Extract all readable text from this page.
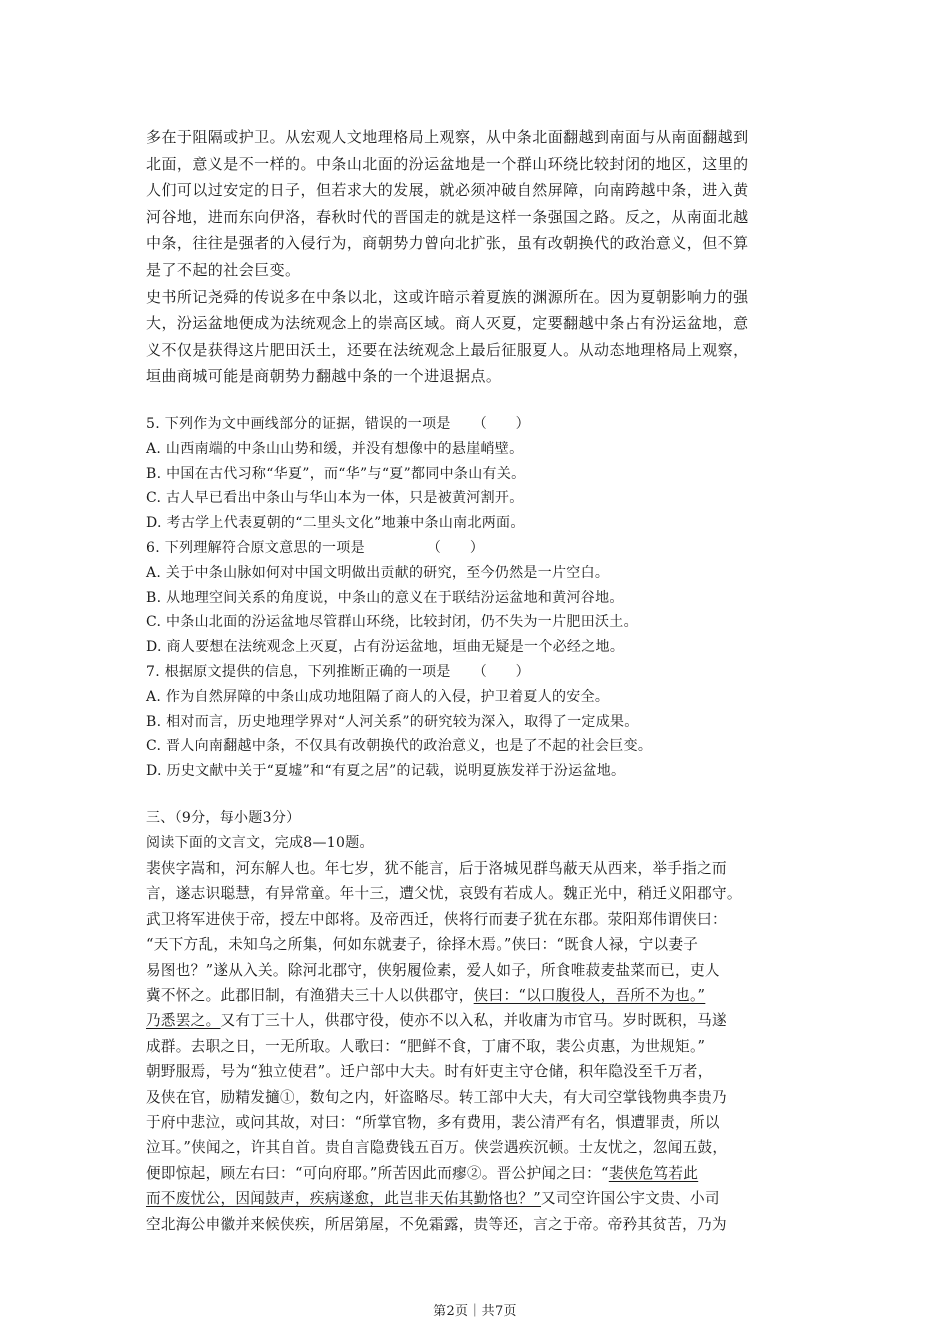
多在于阻隔或护卫。从宏观人文地理格局上观察，从中条北面翻越到南面与从南面翻越到

北面，意义是不一样的。中条山北面的汾运盆地是一个群山环绕比较封闭的地区，这里的

人们可以过安定的日子，但若求大的发展，就必须冲破自然屏障，向南跨越中条，进入黄

河谷地，进而东向伊洛，春秋时代的晋国走的就是这样一条强国之路。反之，从南面北越

中条，往往是强者的入侵行为，商朝势力曾向北扩张，虽有改朝换代的政治意义，但不算

是了不起的社会巨变。

史书所记尧舜的传说多在中条以北，这或许暗示着夏族的渊源所在。因为夏朝影响力的强

大，汾运盆地便成为法统观念上的崇高区域。商人灭夏，定要翻越中条占有汾运盆地，意

义不仅是获得这片肥田沃土，还要在法统观念上最后征服夏人。从动态地理格局上观察，

垣曲商城可能是商朝势力翻越中条的一个进退据点。

5. 下列作为文中画线部分的证据，错误的一项是 （　　）

A. 山西南端的中条山山势和缓，并没有想像中的悬崖峭壁。

B. 中国在古代习称“华夏”，而“华”与“夏”都同中条山有关。

C. 古人早已看出中条山与华山本为一体，只是被黄河割开。

D. 考古学上代表夏朝的“二里头文化”地兼中条山南北两面。

6. 下列理解符合原文意思的一项是	（　　）

A. 关于中条山脉如何对中国文明做出贡献的研究，至今仍然是一片空白。

B. 从地理空间关系的角度说，中条山的意义在于联结汾运盆地和黄河谷地。

C. 中条山北面的汾运盆地尽管群山环绕，比较封闭，仍不失为一片肥田沃土。

D. 商人要想在法统观念上灭夏，占有汾运盆地，垣曲无疑是一个必经之地。

7. 根据原文提供的信息，下列推断正确的一项是 （　　）

A. 作为自然屏障的中条山成功地阻隔了商人的入侵，护卫着夏人的安全。

B. 相对而言，历史地理学界对“人河关系”的研究较为深入，取得了一定成果。

C. 晋人向南翻越中条，不仅具有改朝换代的政治意义，也是了不起的社会巨变。

D. 历史文献中关于“夏墟”和“有夏之居”的记载，说明夏族发祥于汾运盆地。

三、（9分，每小题3分）

阅读下面的文言文，完成8—10题。

裴侠字嵩和，河东解人也。年七岁，犹不能言，后于洛城见群鸟蔽天从西来，举手指之而

言，遂志识聪慧，有异常童。年十三，遭父忧，哀毁有若成人。魏正光中，稍迁义阳郡守。

武卫将军进侠于帝，授左中郎将。及帝西迁，侠将行而妻子犹在东郡。荥阳郑伟谓侠曰：

“天下方乱，未知乌之所集，何如东就妻子，徐择木焉。”侠曰：“既食人禄，宁以妻子

易图也？”遂从入关。除河北郡守，侠躬履俭素，爱人如子，所食唯菽麦盐菜而已，吏人

冀不怀之。此郡旧制，有渔猎夫三十人以供郡守，侠曰：“以口腹役人，吾所不为也。”

乃悉罢之。又有丁三十人，供郡守役，使亦不以入私，并收庸为市官马。岁时既积，马遂

成群。去职之日，一无所取。人歌曰：“肥鲜不食，丁庸不取，裴公贞惠，为世规矩。”

朝野服焉，号为“独立使君”。迁户部中大夫。时有奸吏主守仓储，积年隐没至千万者，

及侠在官，励精发擿①，数旬之内，奸盗略尽。转工部中大夫，有大司空掌钱物典李贵乃

于府中悲泣，或问其故，对曰：“所掌官物，多有费用，裴公清严有名，惧遭罪责，所以

泣耳。”侠闻之，许其自首。贵自言隐费钱五百万。侠尝遇疾沉顿。士友忧之，忽闻五鼓，

便即惊起，顾左右曰：“可向府耶。”所苦因此而瘳②。晋公护闻之曰：“裴侠危笃若此

而不废忧公，因闻鼓声，疾病遂愈，此岂非天佑其勤恪也？”又司空许国公宇文贵、小司

空北海公申徽并来候侠疾，所居第屋，不免霜露，贵等还，言之于帝。帝矜其贫苦，乃为

第2页｜共7页
